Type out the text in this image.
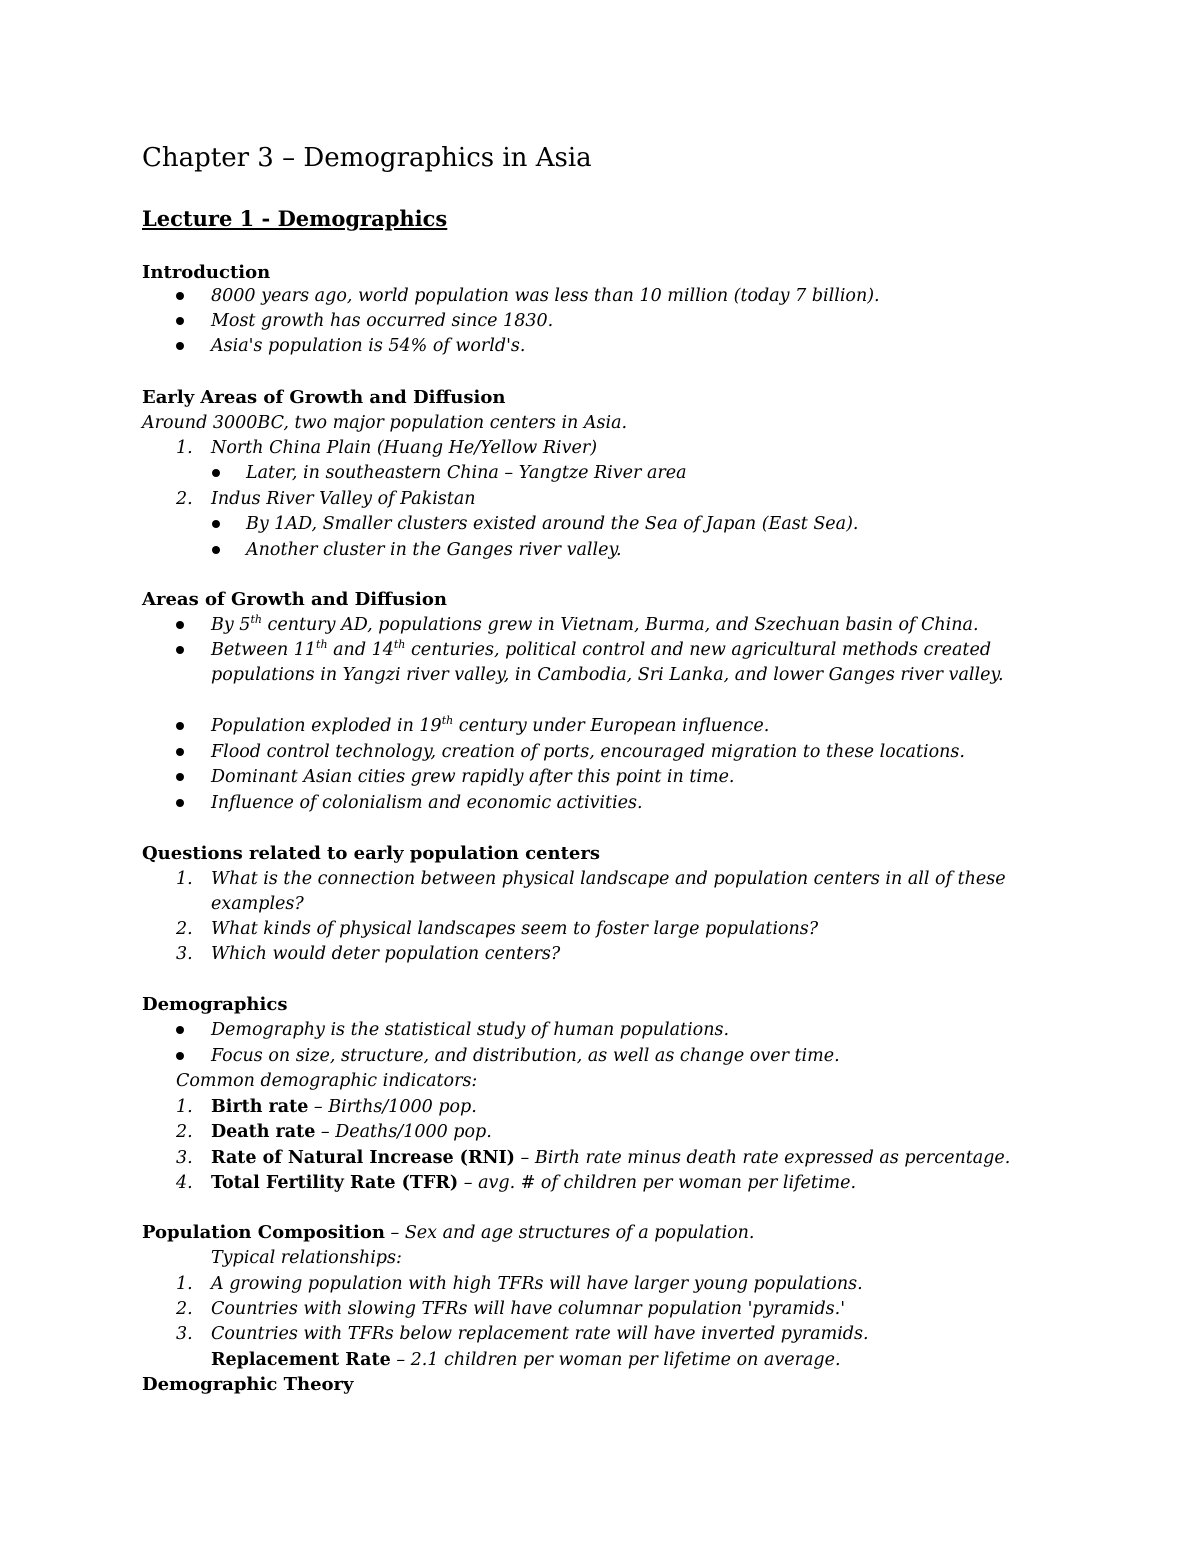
Chapter 3 – Demographics in Asia
Lecture 1 - Demographics
Introduction
8000 years ago, world population was less than 10 million (today 7 billion).
Most growth has occurred since 1830.
Asia's population is 54% of world's.
Early Areas of Growth and Diffusion
Around 3000BC, two major population centers in Asia.
1. North China Plain (Huang He/Yellow River)
Later, in southeastern China – Yangtze River area
2. Indus River Valley of Pakistan
By 1AD, Smaller clusters existed around the Sea of Japan (East Sea).
Another cluster in the Ganges river valley.
Areas of Growth and Diffusion
By 5th century AD, populations grew in Vietnam, Burma, and Szechuan basin of China.
Between 11th and 14th centuries, political control and new agricultural methods created
populations in Yangzi river valley, in Cambodia, Sri Lanka, and lower Ganges river valley.
Population exploded in 19th century under European influence.
Flood control technology, creation of ports, encouraged migration to these locations.
Dominant Asian cities grew rapidly after this point in time.
Influence of colonialism and economic activities.
Questions related to early population centers
1. What is the connection between physical landscape and population centers in all of these
examples?
2. What kinds of physical landscapes seem to foster large populations?
3. Which would deter population centers?
Demographics
Demography is the statistical study of human populations.
Focus on size, structure, and distribution, as well as change over time.
Common demographic indicators:
1. Birth rate – Births/1000 pop.
2. Death rate – Deaths/1000 pop.
3. Rate of Natural Increase (RNI) – Birth rate minus death rate expressed as percentage.
4. Total Fertility Rate (TFR) – avg. # of children per woman per lifetime.
Population Composition – Sex and age structures of a population.
Typical relationships:
1. A growing population with high TFRs will have larger young populations.
2. Countries with slowing TFRs will have columnar population 'pyramids.'
3. Countries with TFRs below replacement rate will have inverted pyramids.
Replacement Rate – 2.1 children per woman per lifetime on average.
Demographic Theory
